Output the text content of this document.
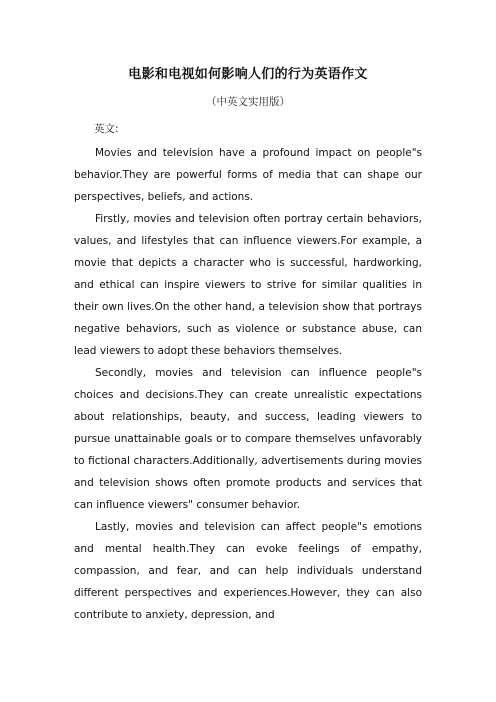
电影和电视如何影响人们的行为英语作文
（中英文实用版）
英文:

Movies and television have a profound impact on people"s behavior.They are powerful forms of media that can shape our perspectives, beliefs, and actions.

Firstly, movies and television often portray certain behaviors, values, and lifestyles that can influence viewers.For example, a movie that depicts a character who is successful, hardworking, and ethical can inspire viewers to strive for similar qualities in their own lives.On the other hand, a television show that portrays negative behaviors, such as violence or substance abuse, can lead viewers to adopt these behaviors themselves.

Secondly, movies and television can influence people"s choices and decisions.They can create unrealistic expectations about relationships, beauty, and success, leading viewers to pursue unattainable goals or to compare themselves unfavorably to fictional characters.Additionally, advertisements during movies and television shows often promote products and services that can influence viewers" consumer behavior.

Lastly, movies and television can affect people"s emotions and mental health.They can evoke feelings of empathy, compassion, and fear, and can help individuals understand different perspectives and experiences.However, they can also contribute to anxiety, depression, and
